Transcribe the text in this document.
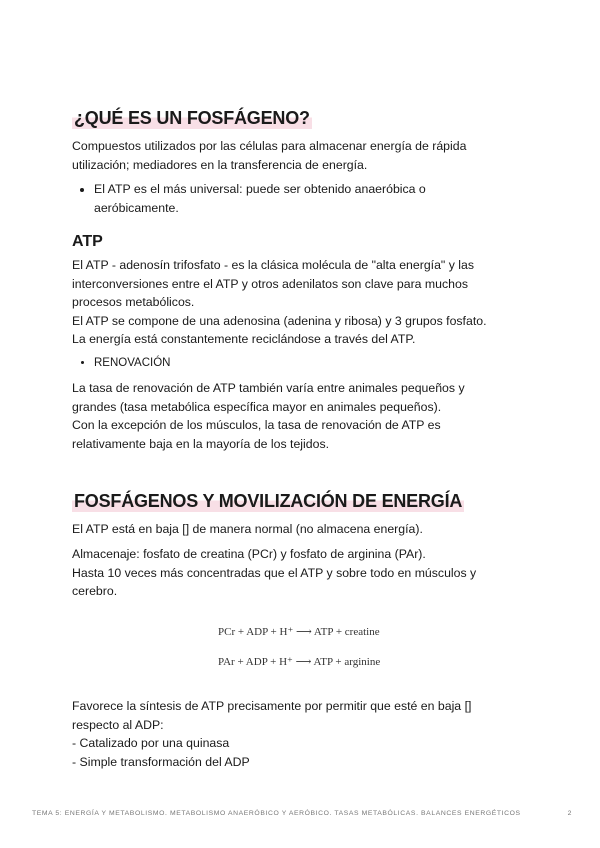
¿QUÉ ES UN FOSFÁGENO?

Compuestos utilizados por las células para almacenar energía de rápida

utilización; mediadores en la transferencia de energía.

• El ATP es el más universal: puede ser obtenido anaeróbica o
aeróbicamente.
ATP

El ATP - adenosín trifosfato - es la clásica molécula de "alta energía" y las

interconversiones entre el ATP y otros adenilatos son clave para muchos

procesos metabólicos.

El ATP se compone de una adenosina (adenina y ribosa) y 3 grupos fosfato.

La energía está constantemente reciclándose a través del ATP.

• RENOVACIÓN

La tasa de renovación de ATP también varía entre animales pequeños y

grandes (tasa metabólica específica mayor en animales pequeños).

Con la excepción de los músculos, la tasa de renovación de ATP es

relativamente baja en la mayoría de los tejidos.

FOSFÁGENOS Y MOVILIZACIÓN DE ENERGÍA

El ATP está en baja [] de manera normal (no almacena energía).

Almacenaje: fosfato de creatina (PCr) y fosfato de arginina (PAr).

Hasta 10 veces más concentradas que el ATP y sobre todo en músculos y

cerebro.

PCr + ADP + H⁺ ⟶ ATP + creatine
PAr + ADP + H⁺ ⟶ ATP + arginine

Favorece la síntesis de ATP precisamente por permitir que esté en baja []

respecto al ADP:

- Catalizado por una quinasa

- Simple transformación del ADP

TEMA 5: ENERGÍA Y METABOLISMO. METABOLISMO ANAERÓBICO Y AERÓBICO. TASAS METABÓLICAS. BALANCES ENERGÉTICOS	2
